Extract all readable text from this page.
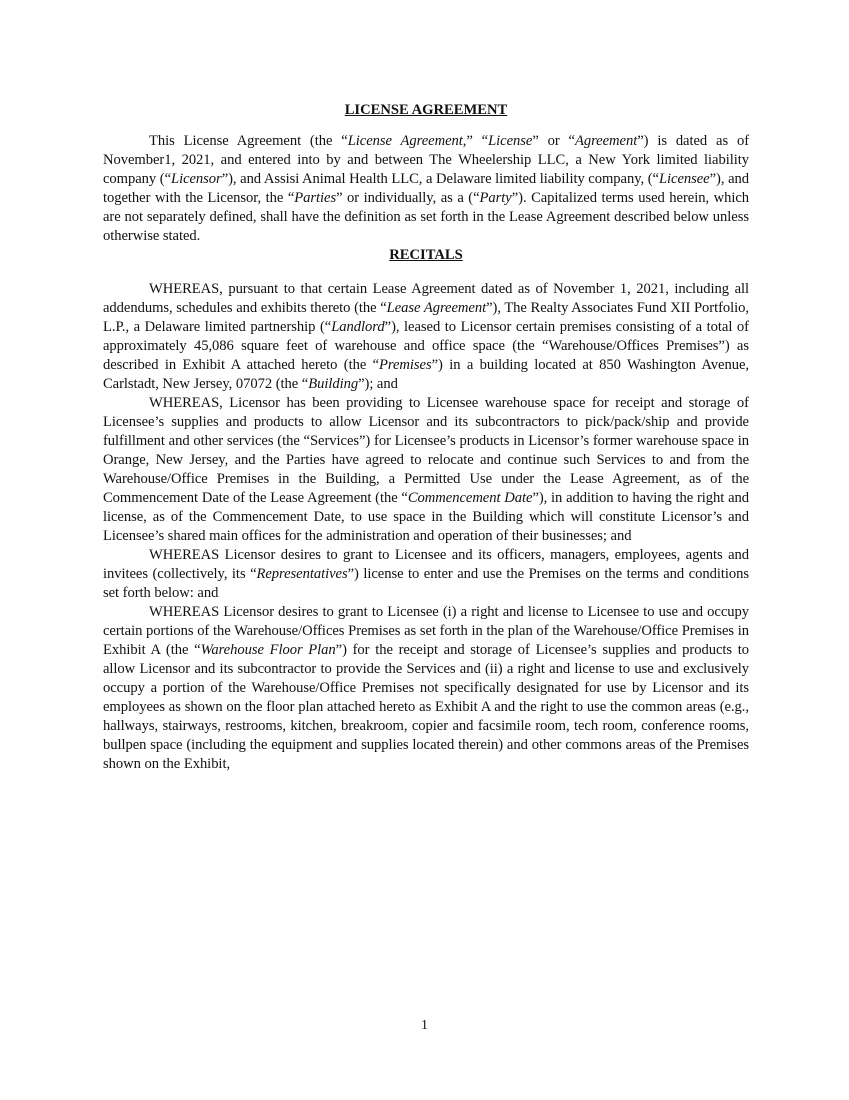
LICENSE AGREEMENT

This License Agreement (the “License Agreement,” “License” or “Agreement”) is dated as of November1, 2021, and entered into by and between The Wheelership LLC, a New York limited liability company (“Licensor”), and Assisi Animal Health LLC, a Delaware limited liability company, (“Licensee”), and together with the Licensor, the “Parties” or individually, as a (“Party”). Capitalized terms used herein, which are not separately defined, shall have the definition as set forth in the Lease Agreement described below unless otherwise stated.

RECITALS

WHEREAS, pursuant to that certain Lease Agreement dated as of November 1, 2021, including all addendums, schedules and exhibits thereto (the “Lease Agreement”), The Realty Associates Fund XII Portfolio, L.P., a Delaware limited partnership (“Landlord”), leased to Licensor certain premises consisting of a total of approximately 45,086 square feet of warehouse and office space (the “Warehouse/Offices Premises”) as described in Exhibit A attached hereto (the “Premises”) in a building located at 850 Washington Avenue, Carlstadt, New Jersey, 07072 (the “Building”); and

WHEREAS, Licensor has been providing to Licensee warehouse space for receipt and storage of Licensee’s supplies and products to allow Licensor and its subcontractors to pick/pack/ship and provide fulfillment and other services (the “Services”) for Licensee’s products in Licensor’s former warehouse space in Orange, New Jersey, and the Parties have agreed to relocate and continue such Services to and from the Warehouse/Office Premises in the Building, a Permitted Use under the Lease Agreement, as of the Commencement Date of the Lease Agreement (the “Commencement Date”), in addition to having the right and license, as of the Commencement Date, to use space in the Building which will constitute Licensor’s and Licensee’s shared main offices for the administration and operation of their businesses; and

WHEREAS Licensor desires to grant to Licensee and its officers, managers, employees, agents and invitees (collectively, its “Representatives”) license to enter and use the Premises on the terms and conditions set forth below: and

WHEREAS Licensor desires to grant to Licensee (i) a right and license to Licensee to use and occupy certain portions of the Warehouse/Offices Premises as set forth in the plan of the Warehouse/Office Premises in Exhibit A (the “Warehouse Floor Plan”) for the receipt and storage of Licensee’s supplies and products to allow Licensor and its subcontractor to provide the Services and (ii) a right and license to use and exclusively occupy a portion of the Warehouse/Office Premises not specifically designated for use by Licensor and its employees as shown on the floor plan attached hereto as Exhibit A and the right to use the common areas (e.g., hallways, stairways, restrooms, kitchen, breakroom, copier and facsimile room, tech room, conference rooms, bullpen space (including the equipment and supplies located therein) and other commons areas of the Premises shown on the Exhibit,

1
